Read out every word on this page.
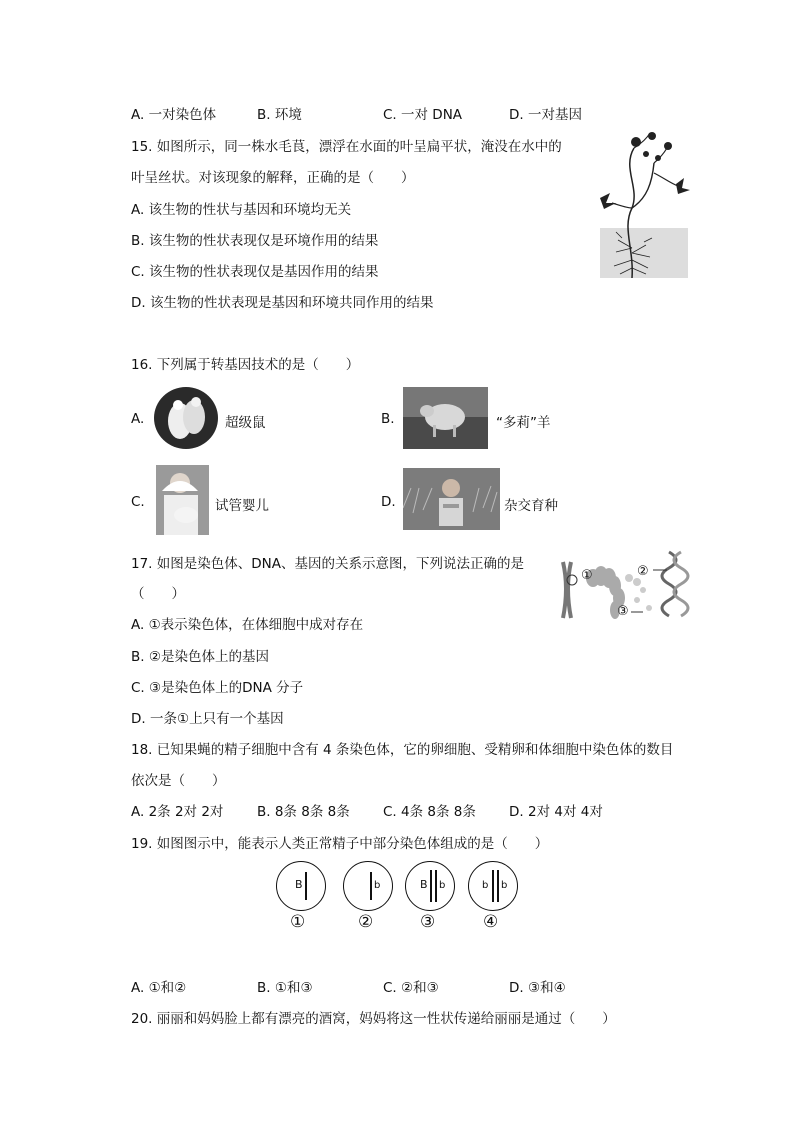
A. 一对染色体	B. 环境	C. 一对 DNA	D. 一对基因
15. 如图所示，同一株水毛茛，漂浮在水面的叶呈扁平状，淹没在水中的
叶呈丝状。对该现象的解释，正确的是（　　）
A. 该生物的性状与基因和环境均无关
B. 该生物的性状表现仅是环境作用的结果
C. 该生物的性状表现仅是基因作用的结果
D. 该生物的性状表现是基因和环境共同作用的结果
16. 下列属于转基因技术的是（　　）
A.	超级鼠	B.	“多莉”羊
C.	试管婴儿	D.	杂交育种
17. 如图是染色体、DNA、基因的关系示意图，下列说法正确的是
（　　）
A. ①表示染色体，在体细胞中成对存在
B. ②是染色体上的基因
C. ③是染色体上的DNA 分子
D. 一条①上只有一个基因
①	②
③
18. 已知果蝇的精子细胞中含有 4 条染色体，它的卵细胞、受精卵和体细胞中染色体的数目
依次是（　　）
A. 2条 2对 2对 B. 8条 8条 8条 C. 4条 8条 8条 D. 2对 4对 4对
19. 如图图示中，能表示人类正常精子中部分染色体组成的是（　　）
B
①
b
②
B b
③
b b
④
A. ①和②	B. ①和③	C. ②和③	D. ③和④
20. 丽丽和妈妈脸上都有漂亮的酒窝，妈妈将这一性状传递给丽丽是通过（　　）
